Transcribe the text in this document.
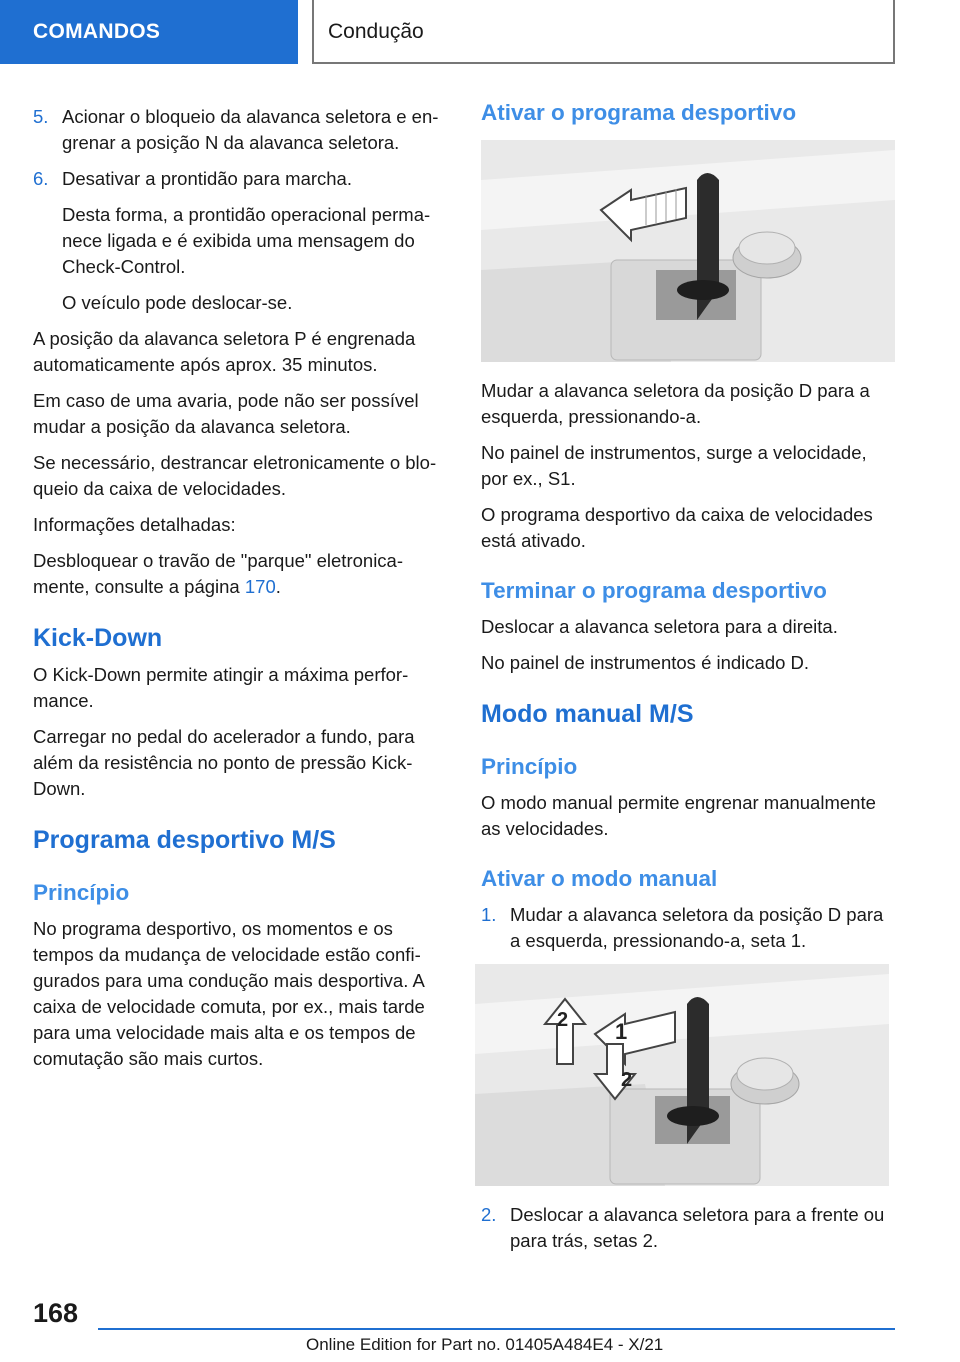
COMANDOS	Condução
5. Acionar o bloqueio da alavanca seletora e engrenar a posição N da alavanca seletora.
6. Desativar a prontidão para marcha.

Desta forma, a prontidão operacional permanece ligada e é exibida uma mensagem do Check-Control.

O veículo pode deslocar-se.

A posição da alavanca seletora P é engrenada automaticamente após aprox. 35 minutos.

Em caso de uma avaria, pode não ser possível mudar a posição da alavanca seletora.

Se necessário, destrancar eletronicamente o bloqueio da caixa de velocidades.

Informações detalhadas:

Desbloquear o travão de "parque" eletronicamente, consulte a página 170.

Kick-Down

O Kick-Down permite atingir a máxima performance.

Carregar no pedal do acelerador a fundo, para além da resistência no ponto de pressão Kick-Down.

Programa desportivo M/S
Princípio

No programa desportivo, os momentos e os tempos da mudança de velocidade estão configurados para uma condução mais desportiva. A caixa de velocidade comuta, por ex., mais tarde para uma velocidade mais alta e os tempos de comutação são mais curtos.

Ativar o programa desportivo

Mudar a alavanca seletora da posição D para a esquerda, pressionando-a.

No painel de instrumentos, surge a velocidade, por ex., S1.

O programa desportivo da caixa de velocidades está ativado.

Terminar o programa desportivo

Deslocar a alavanca seletora para a direita.

No painel de instrumentos é indicado D.

Modo manual M/S
Princípio

O modo manual permite engrenar manualmente as velocidades.

Ativar o modo manual
1. Mudar a alavanca seletora da posição D para a esquerda, pressionando-a, seta 1.
1
2
2
2. Deslocar a alavanca seletora para a frente ou para trás, setas 2.
168
Online Edition for Part no. 01405A484E4 - X/21
